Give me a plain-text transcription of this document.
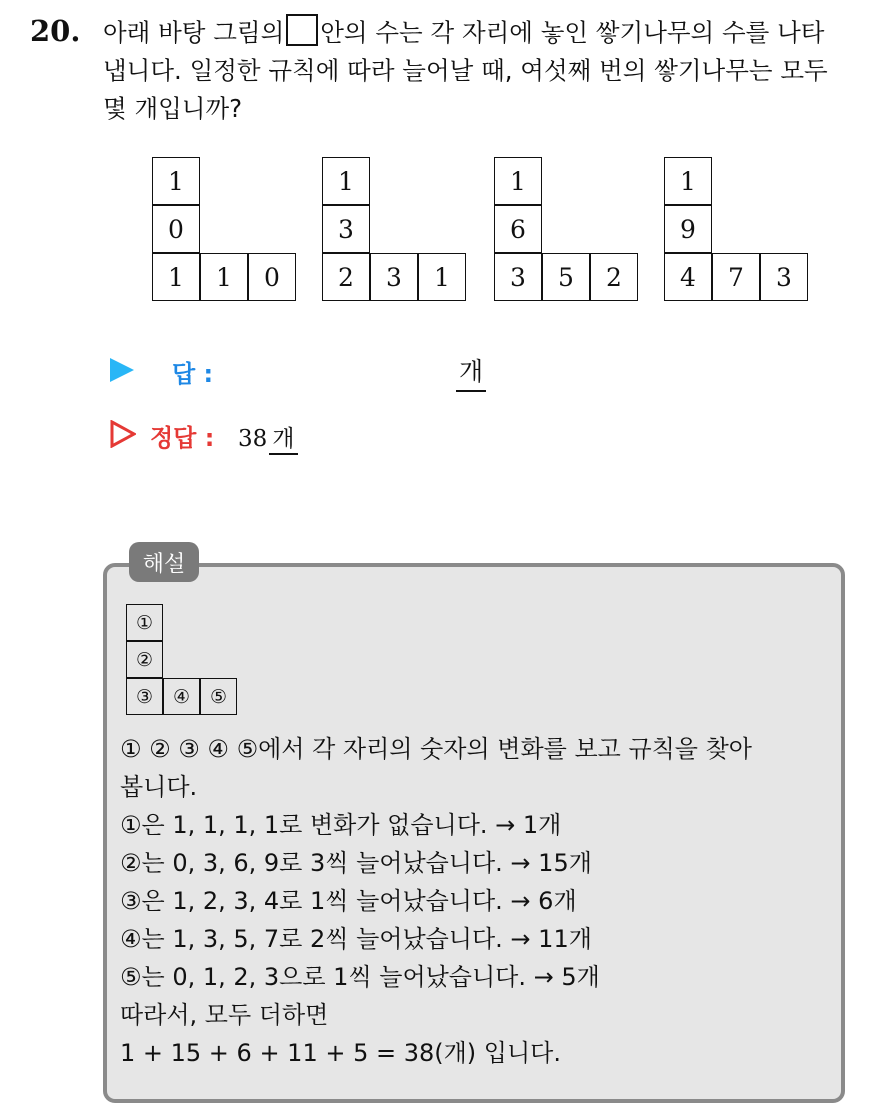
20. 아래 바탕 그림의 안의 수는 각 자리에 놓인 쌓기나무의 수를 나타

냅니다. 일정한 규칙에 따라 늘어날 때, 여섯째 번의 쌓기나무는 모두

몇 개입니까?

1
0
1	1	0
1
3
2	3	1
1
6
3	5	2
1
9
4	7	3
답 :	개
정답 : 38 개
해설
①
②
③	④	⑤

① ② ③ ④ ⑤에서 각 자리의 숫자의 변화를 보고 규칙을 찾아

봅니다.

①은 1, 1, 1, 1로 변화가 없습니다. → 1개

②는 0, 3, 6, 9로 3씩 늘어났습니다. → 15개

③은 1, 2, 3, 4로 1씩 늘어났습니다. → 6개

④는 1, 3, 5, 7로 2씩 늘어났습니다. → 11개

⑤는 0, 1, 2, 3으로 1씩 늘어났습니다. → 5개

따라서, 모두 더하면

1 + 15 + 6 + 11 + 5 = 38(개) 입니다.
